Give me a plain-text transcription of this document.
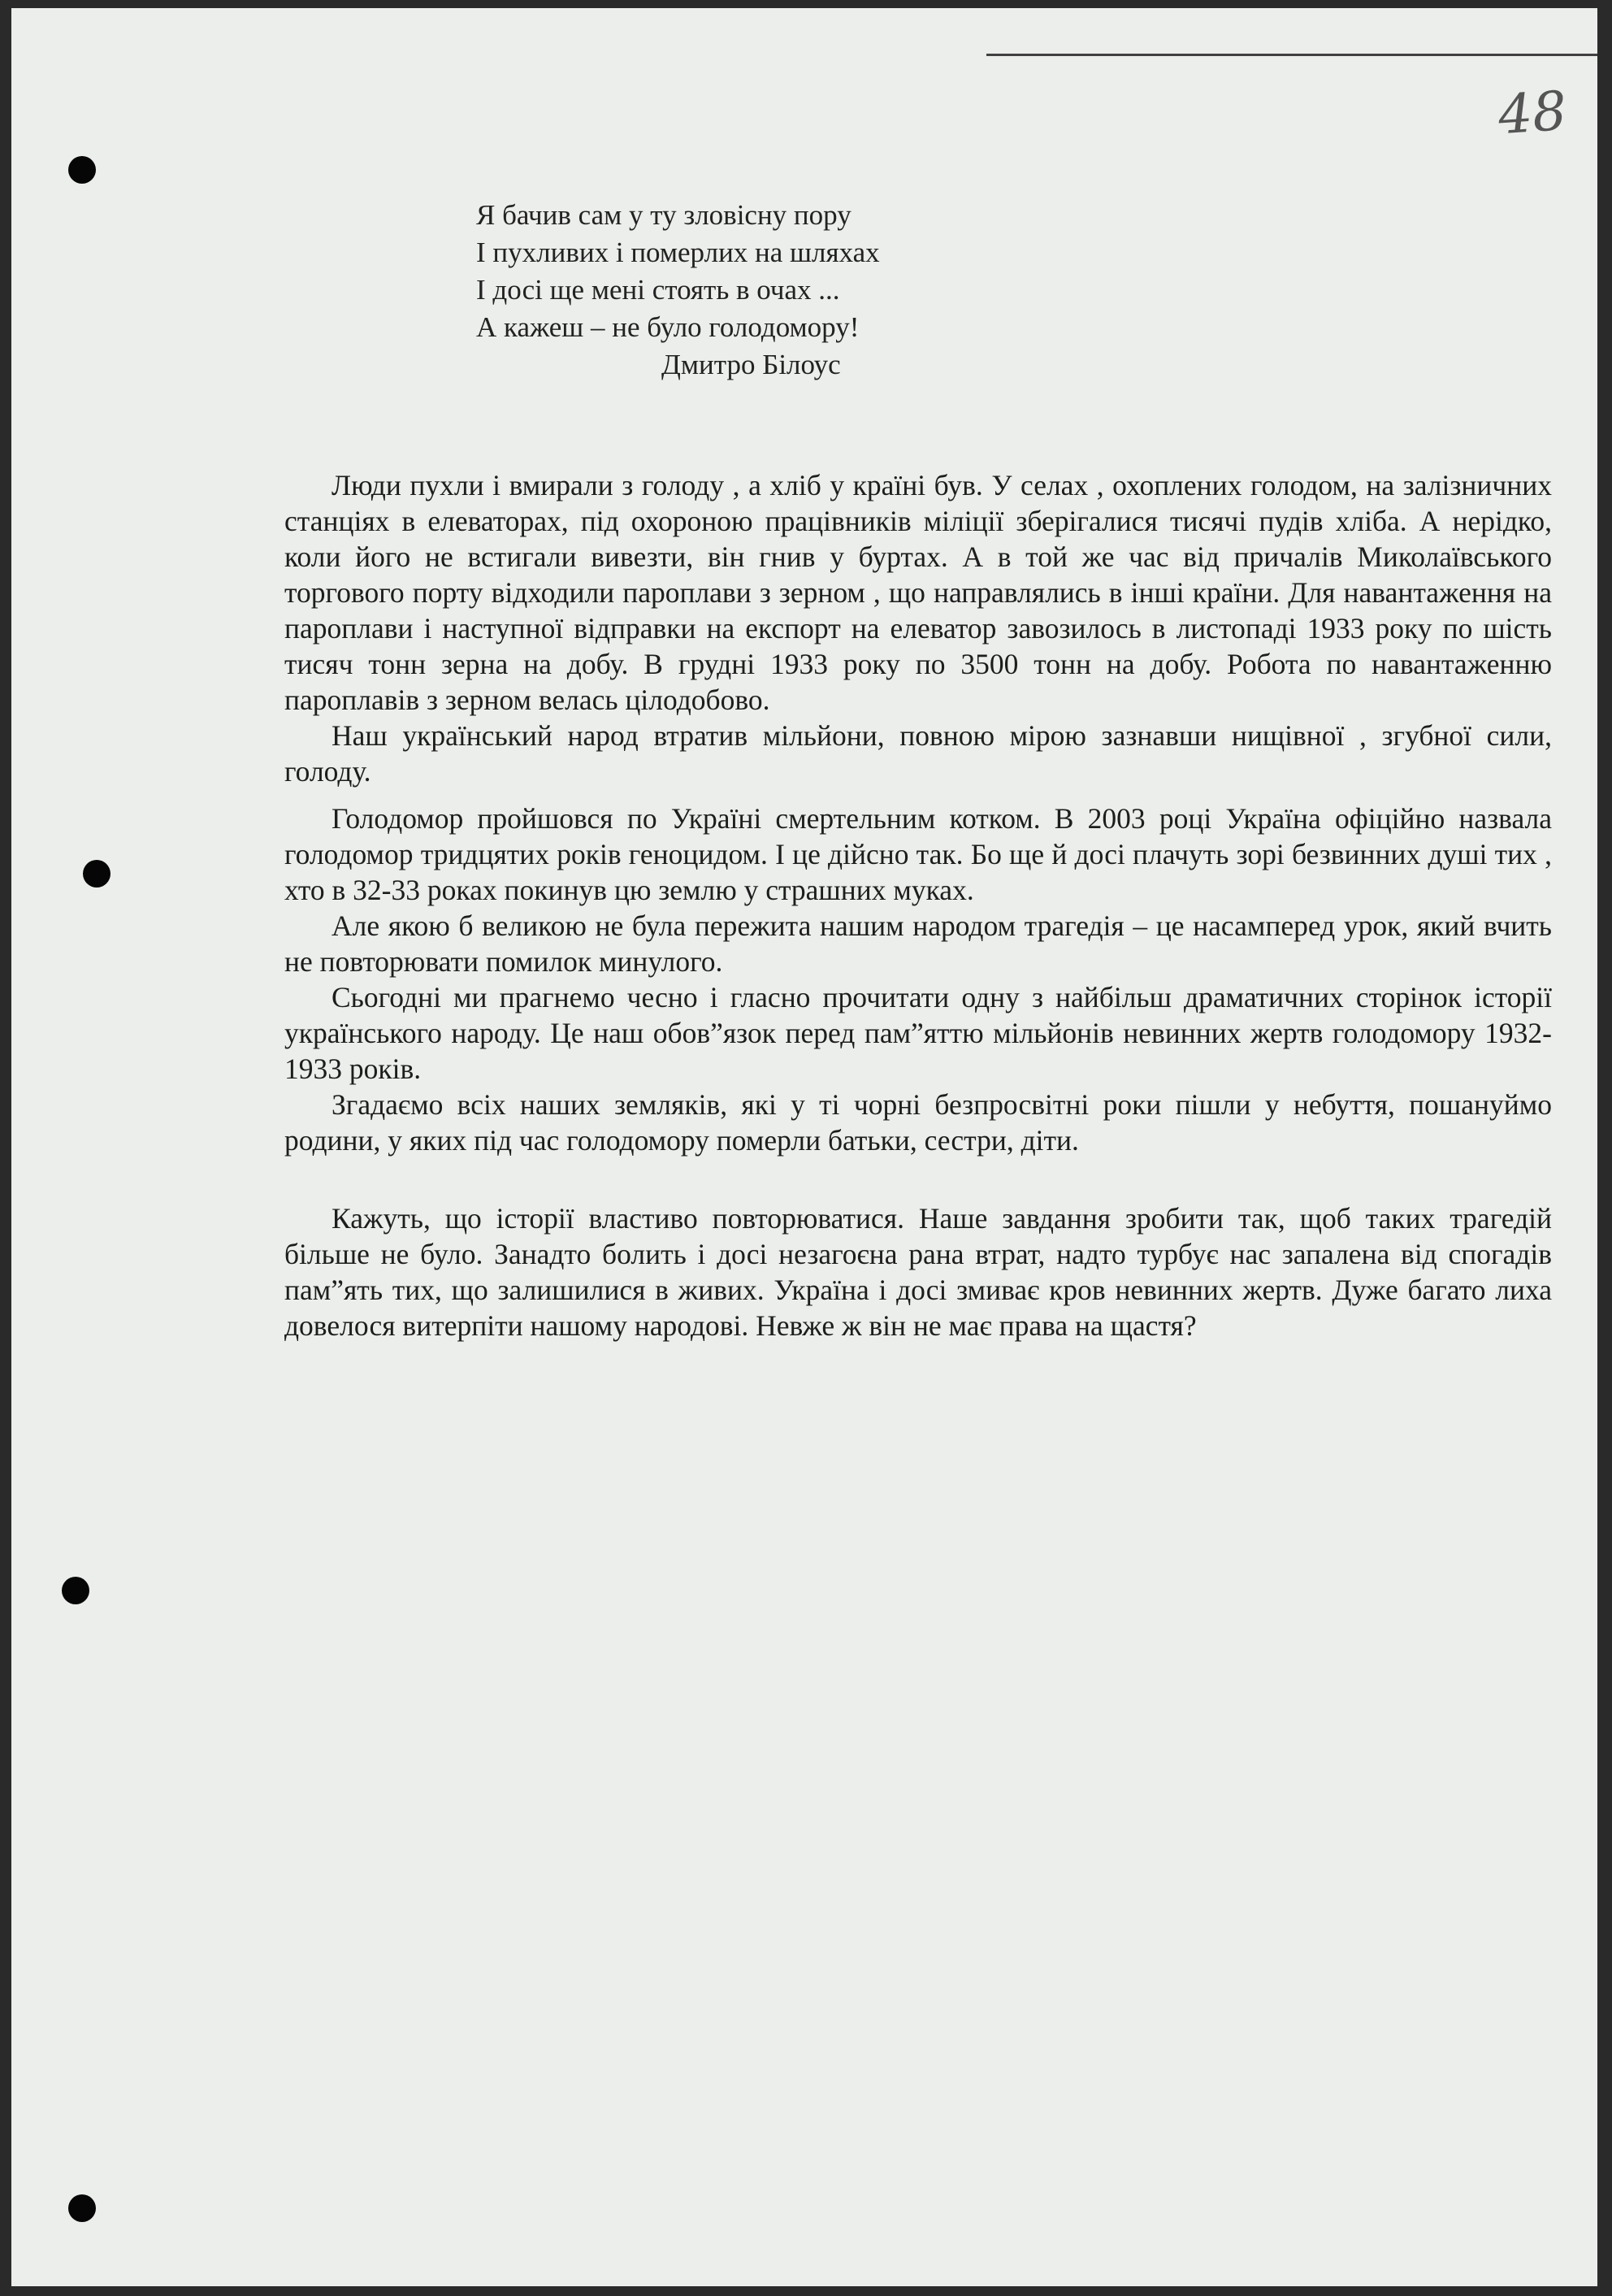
48
Я бачив сам у ту зловісну пору
І пухливих і померлих на шляхах
І досі ще мені стоять в очах ...
А кажеш – не було голодомору!
Дмитро Білоус

Люди пухли і вмирали з голоду , а хліб у країні був. У селах , охоплених голодом, на залізничних станціях в елеваторах, під охороною працівників міліції зберігалися тисячі пудів хліба. А нерідко, коли його не встигали вивезти, він гнив у буртах. А в той же час від причалів Миколаївського торгового порту відходили пароплави з зерном , що направлялись в інші країни. Для навантаження на пароплави і наступної відправки на експорт на елеватор завозилось в листопаді 1933 року по шість тисяч тонн зерна на добу. В грудні 1933 року по 3500 тонн на добу. Робота по навантаженню пароплавів з зерном велась цілодобово.

Наш український народ втратив мільйони, повною мірою зазнавши нищівної , згубної сили, голоду.

Голодомор пройшовся по Україні смертельним котком. В 2003 році Україна офіційно назвала голодомор тридцятих років геноцидом. І це дійсно так. Бо ще й досі плачуть зорі безвинних душі тих , хто в 32-33 роках покинув цю землю у страшних муках.

Але якою б великою не була пережита нашим народом трагедія – це насамперед урок, який вчить не повторювати помилок минулого.

Сьогодні ми прагнемо чесно і гласно прочитати одну з найбільш драматичних сторінок історії українського народу. Це наш обов”язок перед пам”яттю мільйонів невинних жертв голодомору 1932-1933 років.

Згадаємо всіх наших земляків, які у ті чорні безпросвітні роки пішли у небуття, пошануймо родини, у яких під час голодомору померли батьки, сестри, діти.

Кажуть, що історії властиво повторюватися. Наше завдання зробити так, щоб таких трагедій більше не було. Занадто болить і досі незагоєна рана втрат, надто турбує нас запалена від спогадів пам”ять тих, що залишилися в живих. Україна і досі змиває кров невинних жертв. Дуже багато лиха довелося витерпіти нашому народові. Невже ж він не має права на щастя?
